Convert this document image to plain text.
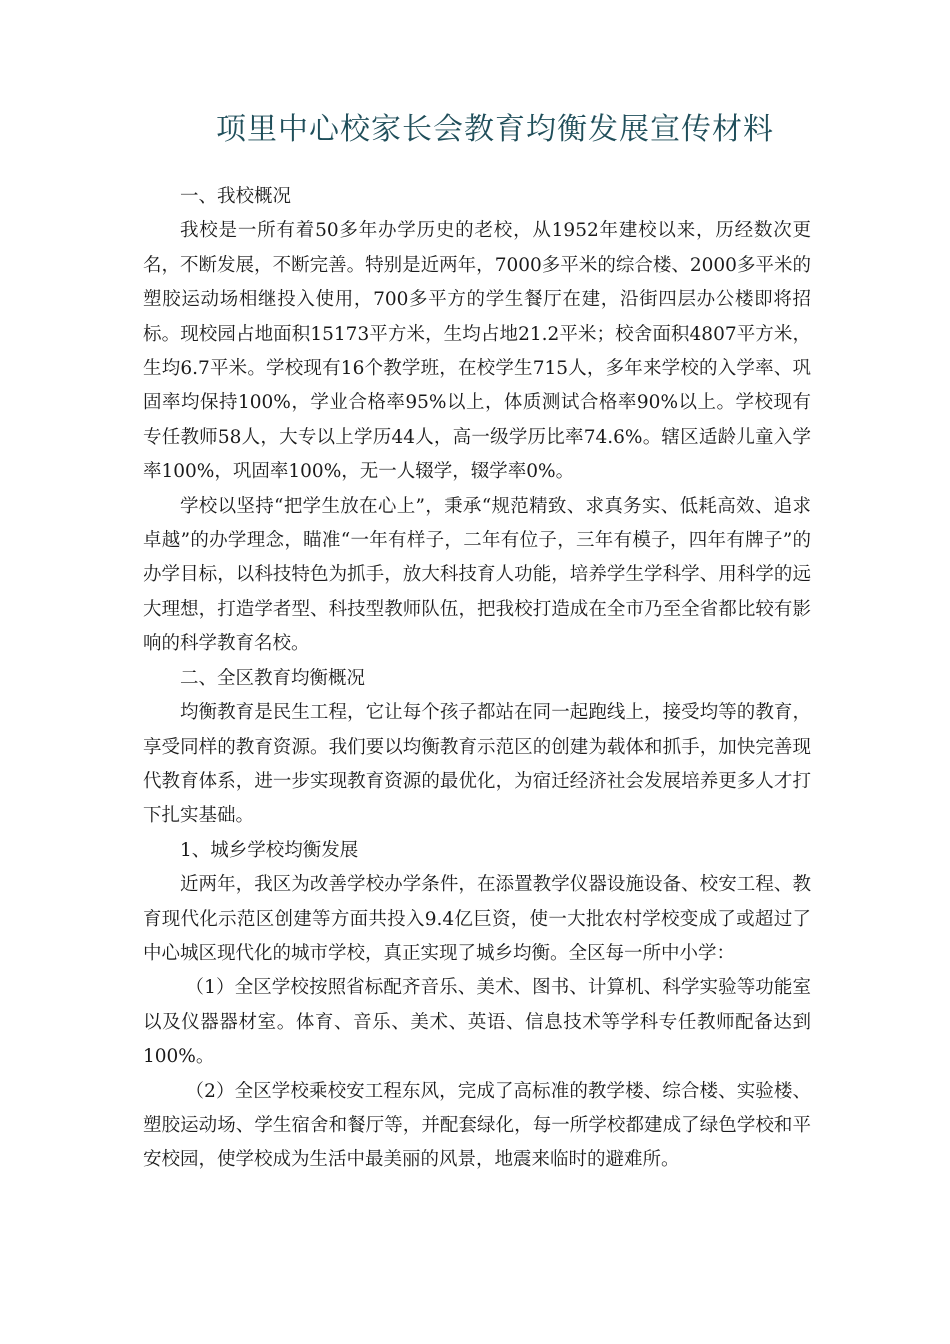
项里中心校家长会教育均衡发展宣传材料

一、我校概况

我校是一所有着50多年办学历史的老校，从1952年建校以来，历经数次更名，不断发展，不断完善。特别是近两年，7000多平米的综合楼、2000多平米的塑胶运动场相继投入使用，700多平方的学生餐厅在建，沿街四层办公楼即将招标。现校园占地面积15173平方米，生均占地21.2平米；校舍面积4807平方米，生均6.7平米。学校现有16个教学班，在校学生715人，多年来学校的入学率、巩固率均保持100%，学业合格率95%以上，体质测试合格率90%以上。学校现有专任教师58人，大专以上学历44人，高一级学历比率74.6%。辖区适龄儿童入学率100%，巩固率100%，无一人辍学，辍学率0%。

学校以坚持“把学生放在心上”，秉承“规范精致、求真务实、低耗高效、追求卓越”的办学理念，瞄准“一年有样子，二年有位子，三年有模子，四年有牌子”的办学目标，以科技特色为抓手，放大科技育人功能，培养学生学科学、用科学的远大理想，打造学者型、科技型教师队伍，把我校打造成在全市乃至全省都比较有影响的科学教育名校。

二、全区教育均衡概况

均衡教育是民生工程，它让每个孩子都站在同一起跑线上，接受均等的教育，享受同样的教育资源。我们要以均衡教育示范区的创建为载体和抓手，加快完善现代教育体系，进一步实现教育资源的最优化，为宿迁经济社会发展培养更多人才打下扎实基础。

1、城乡学校均衡发展

近两年，我区为改善学校办学条件，在添置教学仪器设施设备、校安工程、教育现代化示范区创建等方面共投入9.4亿巨资，使一大批农村学校变成了或超过了中心城区现代化的城市学校，真正实现了城乡均衡。全区每一所中小学：

（1）全区学校按照省标配齐音乐、美术、图书、计算机、科学实验等功能室以及仪器器材室。体育、音乐、美术、英语、信息技术等学科专任教师配备达到100%。

（2）全区学校乘校安工程东风，完成了高标准的教学楼、综合楼、实验楼、塑胶运动场、学生宿舍和餐厅等，并配套绿化，每一所学校都建成了绿色学校和平安校园，使学校成为生活中最美丽的风景，地震来临时的避难所。
